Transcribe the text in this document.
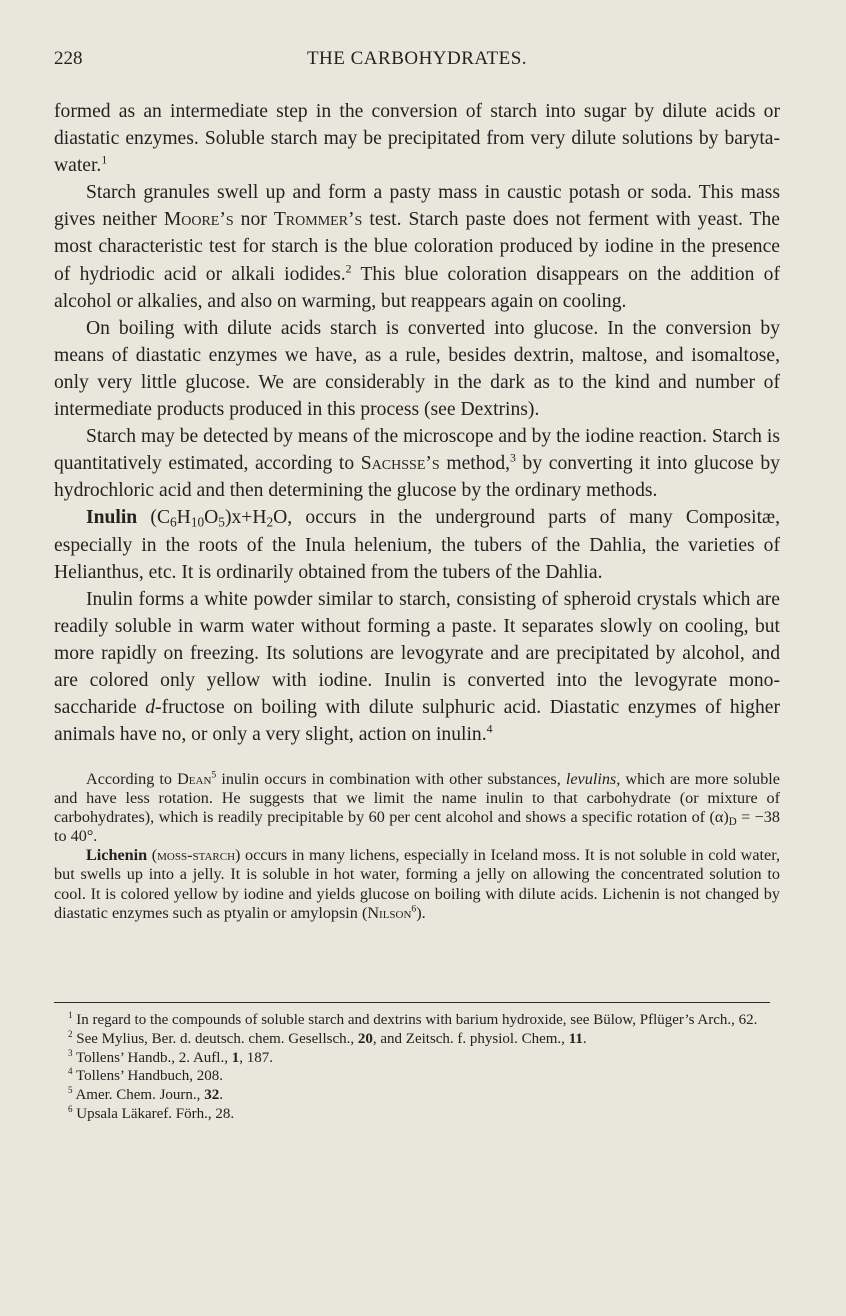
228	THE CARBOHYDRATES.

formed as an intermediate step in the conversion of starch into sugar by dilute acids or diastatic enzymes. Soluble starch may be precipitated from very dilute solutions by baryta-water.$^1$

Starch granules swell up and form a pasty mass in caustic potash or soda. This mass gives neither Moore’s nor Trommer’s test. Starch paste does not ferment with yeast. The most characteristic test for starch is the blue coloration produced by iodine in the presence of hydriodic acid or alkali iodides.$^2$ This blue coloration disappears on the addition of alcohol or alkalies, and also on warming, but reappears again on cooling.

On boiling with dilute acids starch is converted into glucose. In the conversion by means of diastatic enzymes we have, as a rule, besides dextrin, maltose, and isomaltose, only very little glucose. We are considerably in the dark as to the kind and number of intermediate products produced in this process (see Dextrins).

Starch may be detected by means of the microscope and by the iodine reaction. Starch is quantitatively estimated, according to Sachsse’s method,$^3$ by converting it into glucose by hydrochloric acid and then determining the glucose by the ordinary methods.

Inulin $(C_6H_{10}O_5)x+H_2O$, occurs in the underground parts of many Compositæ, especially in the roots of the Inula helenium, the tubers of the Dahlia, the varieties of Helianthus, etc. It is ordinarily obtained from the tubers of the Dahlia.

Inulin forms a white powder similar to starch, consisting of spheroid crystals which are readily soluble in warm water without forming a paste. It separates slowly on cooling, but more rapidly on freezing. Its solutions are levogyrate and are precipitated by alcohol, and are colored only yellow with iodine. Inulin is converted into the levogyrate mono-saccharide d-fructose on boiling with dilute sulphuric acid. Diastatic enzymes of higher animals have no, or only a very slight, action on inulin.$^4$

According to Dean$^5$ inulin occurs in combination with other substances, levulins, which are more soluble and have less rotation. He suggests that we limit the name inulin to that carbohydrate (or mixture of carbohydrates), which is readily precipitable by 60 per cent alcohol and shows a specific rotation of $(\alpha)_D = -38$ to 40°.

Lichenin (moss-starch) occurs in many lichens, especially in Iceland moss. It is not soluble in cold water, but swells up into a jelly. It is soluble in hot water, forming a jelly on allowing the concentrated solution to cool. It is colored yellow by iodine and yields glucose on boiling with dilute acids. Lichenin is not changed by diastatic enzymes such as ptyalin or amylopsin (Nilson$^6$).

$^1$ In regard to the compounds of soluble starch and dextrins with barium hydroxide, see Bülow, Pflüger’s Arch., 62.
$^2$ See Mylius, Ber. d. deutsch. chem. Gesellsch., 20, and Zeitsch. f. physiol. Chem., 11.
$^3$ Tollens’ Handb., 2. Aufl., 1, 187.
$^4$ Tollens’ Handbuch, 208.
$^5$ Amer. Chem. Journ., 32.
$^6$ Upsala Läkaref. Förh., 28.
